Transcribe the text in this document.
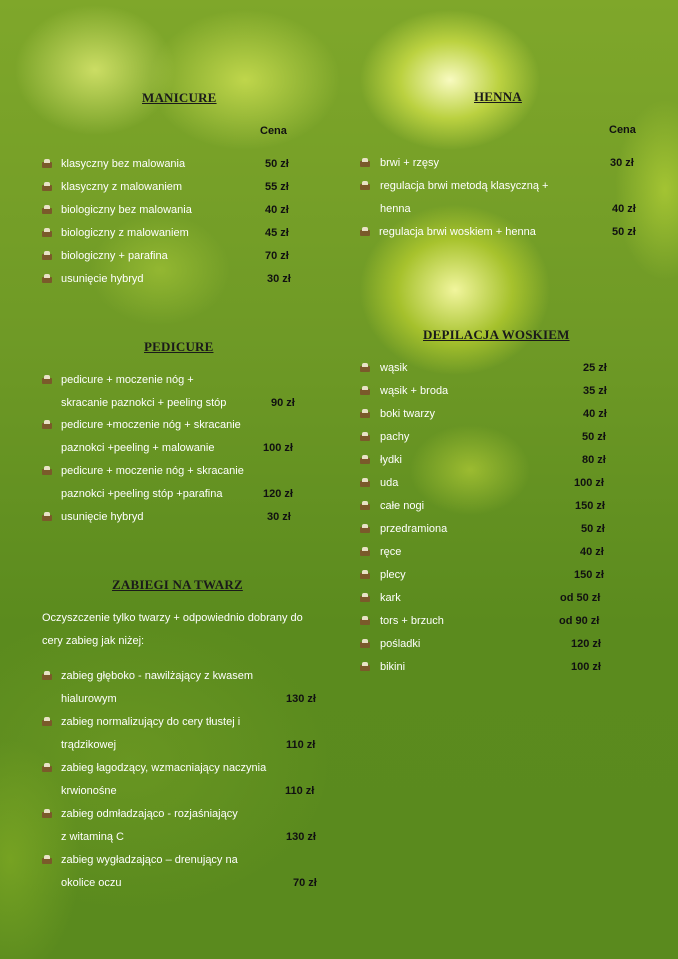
MANICURE
Cena
klasyczny bez malowania	50 zł
klasyczny z malowaniem	55 zł
biologiczny bez malowania	40 zł
biologiczny z malowaniem	45 zł
biologiczny + parafina	70 zł
usunięcie hybryd	30 zł
HENNA
Cena
brwi + rzęsy	30 zł
regulacja brwi metodą klasyczną +
henna	40 zł
regulacja brwi woskiem + henna	50 zł
PEDICURE
pedicure + moczenie nóg +
skracanie paznokci + peeling stóp	90 zł
pedicure +moczenie nóg + skracanie
paznokci +peeling + malowanie	100 zł
pedicure + moczenie nóg + skracanie
paznokci +peeling stóp +parafina	120 zł
usunięcie hybryd	30 zł
DEPILACJA WOSKIEM
wąsik	25 zł
wąsik + broda	35 zł
boki twarzy	40 zł
pachy	50 zł
łydki	80 zł
uda	100 zł
całe nogi	150 zł
przedramiona	50 zł
ręce	40 zł
plecy	150 zł
kark	od 50 zł
tors + brzuch	od 90 zł
pośladki	120 zł
bikini	100 zł
ZABIEGI NA TWARZ
Oczyszczenie tylko twarzy + odpowiednio dobrany do
cery zabieg jak niżej:
zabieg głęboko - nawilżający z kwasem
hialurowym	130 zł
zabieg normalizujący do cery tłustej i
trądzikowej	110 zł
zabieg łagodzący, wzmacniający naczynia
krwionośne	110 zł
zabieg odmładzająco - rozjaśniający
z witaminą C	130 zł
zabieg wygładzająco – drenujący na
okolice oczu	70 zł
